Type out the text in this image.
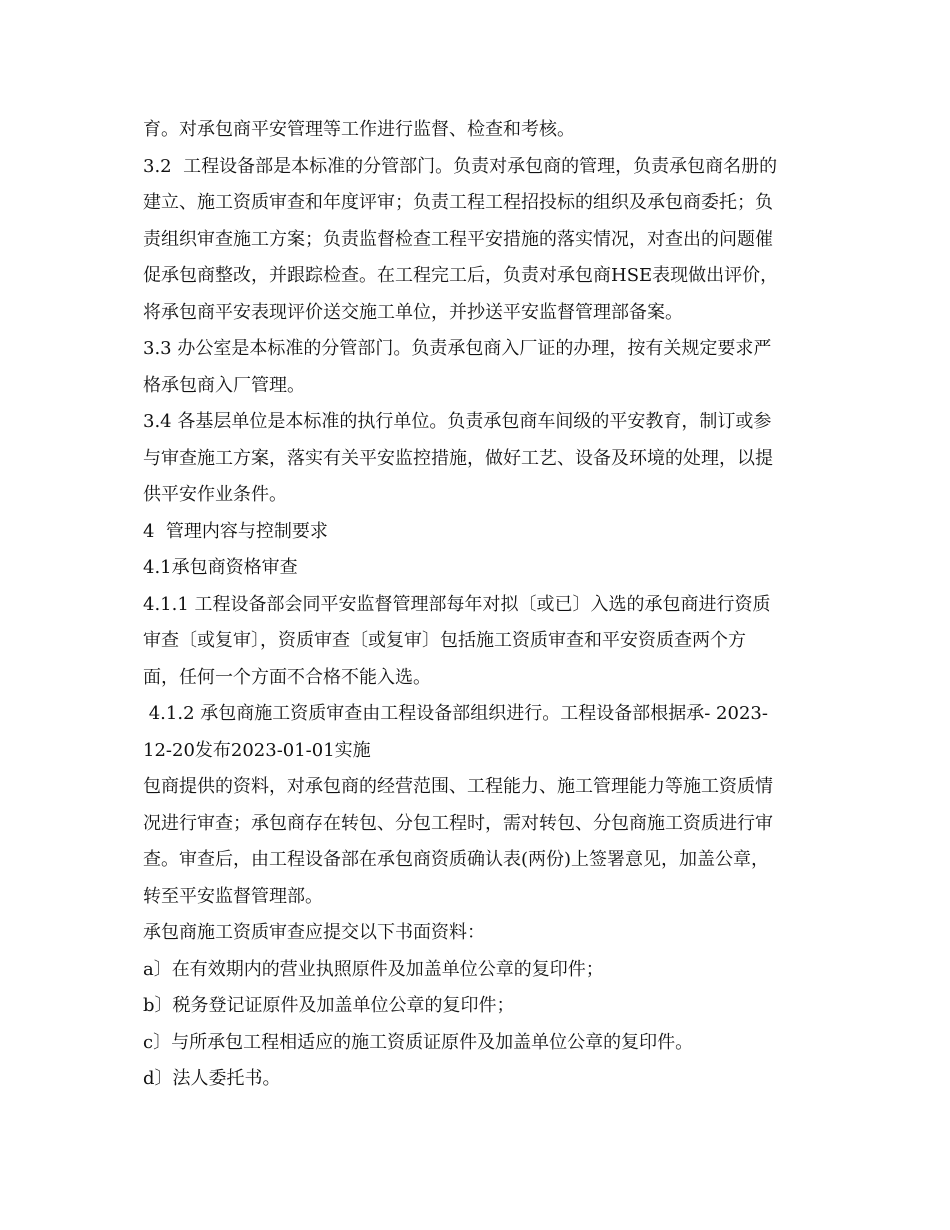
育。对承包商平安管理等工作进行监督、检查和考核。
3.2  工程设备部是本标准的分管部门。负责对承包商的管理，负责承包商名册的
建立、施工资质审查和年度评审；负责工程工程招投标的组织及承包商委托；负
责组织审查施工方案；负责监督检查工程平安措施的落实情况，对查出的问题催
促承包商整改，并跟踪检查。在工程完工后，负责对承包商HSE表现做出评价，
将承包商平安表现评价送交施工单位，并抄送平安监督管理部备案。
3.3 办公室是本标准的分管部门。负责承包商入厂证的办理，按有关规定要求严
格承包商入厂管理。
3.4 各基层单位是本标准的执行单位。负责承包商车间级的平安教育，制订或参
与审查施工方案，落实有关平安监控措施，做好工艺、设备及环境的处理，以提
供平安作业条件。
4  管理内容与控制要求
4.1承包商资格审查
4.1.1 工程设备部会同平安监督管理部每年对拟〔或已〕入选的承包商进行资质
审查〔或复审〕，资质审查〔或复审〕包括施工资质审查和平安资质查两个方
面，任何一个方面不合格不能入选。
4.1.2 承包商施工资质审查由工程设备部组织进行。工程设备部根据承- 2023-
12-20发布2023-01-01实施
包商提供的资料，对承包商的经营范围、工程能力、施工管理能力等施工资质情
况进行审查；承包商存在转包、分包工程时，需对转包、分包商施工资质进行审
查。审查后，由工程设备部在承包商资质确认表(两份)上签署意见，加盖公章，
转至平安监督管理部。
承包商施工资质审查应提交以下书面资料：
a〕在有效期内的营业执照原件及加盖单位公章的复印件；
b〕税务登记证原件及加盖单位公章的复印件；
c〕与所承包工程相适应的施工资质证原件及加盖单位公章的复印件。
d〕法人委托书。
